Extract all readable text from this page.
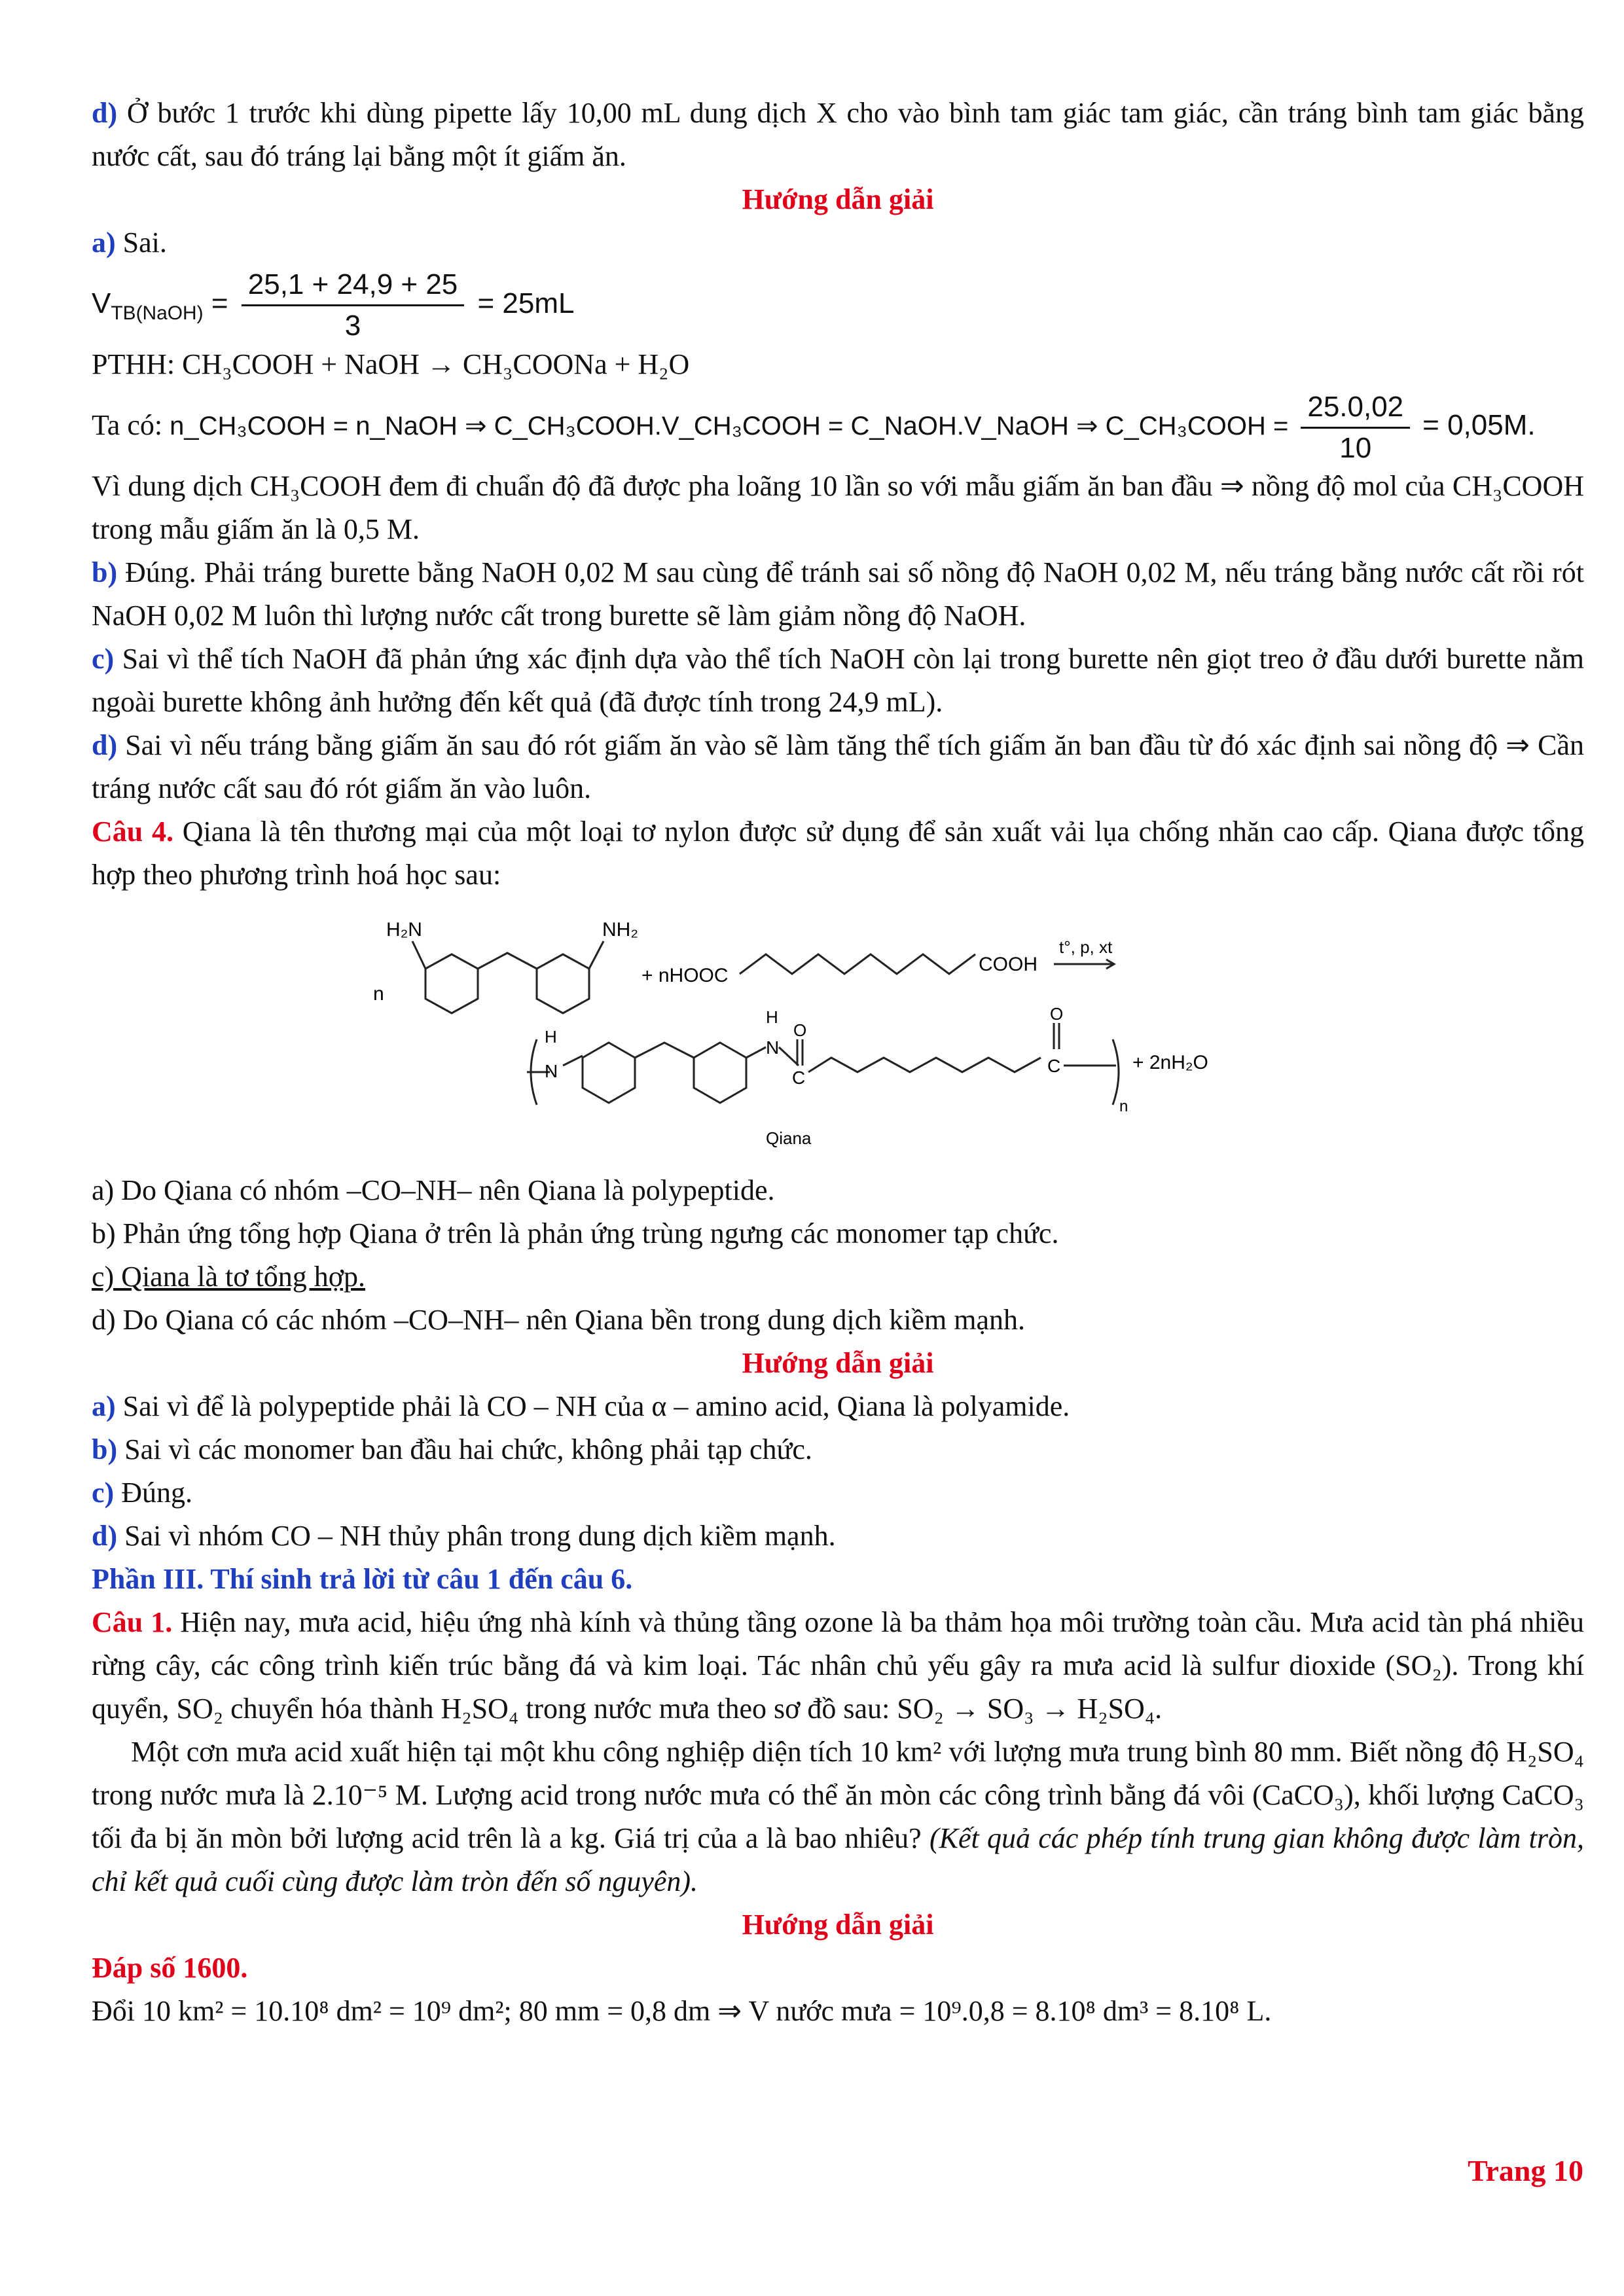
d) Ở bước 1 trước khi dùng pipette lấy 10,00 mL dung dịch X cho vào bình tam giác tam giác, cần tráng bình tam giác bằng nước cất, sau đó tráng lại bằng một ít giấm ăn.

Hướng dẫn giải

a) Sai.

$V_{TB(NaOH)} = \frac{25,1 + 24,9 + 25}{3} = 25mL$

PTHH: CH₃COOH + NaOH → CH₃COONa + H₂O

Ta có: n_CH₃COOH = n_NaOH ⇒ C_CH₃COOH.V_CH₃COOH = C_NaOH.V_NaOH ⇒ C_CH₃COOH = $\frac{25.0,02}{10} = 0,05M$.

Vì dung dịch CH₃COOH đem đi chuẩn độ đã được pha loãng 10 lần so với mẫu giấm ăn ban đầu ⇒ nồng độ mol của CH₃COOH trong mẫu giấm ăn là 0,5 M.

b) Đúng. Phải tráng burette bằng NaOH 0,02 M sau cùng để tránh sai số nồng độ NaOH 0,02 M, nếu tráng bằng nước cất rồi rót NaOH 0,02 M luôn thì lượng nước cất trong burette sẽ làm giảm nồng độ NaOH.

c) Sai vì thể tích NaOH đã phản ứng xác định dựa vào thể tích NaOH còn lại trong burette nên giọt treo ở đầu dưới burette nằm ngoài burette không ảnh hưởng đến kết quả (đã được tính trong 24,9 mL).

d) Sai vì nếu tráng bằng giấm ăn sau đó rót giấm ăn vào sẽ làm tăng thể tích giấm ăn ban đầu từ đó xác định sai nồng độ ⇒ Cần tráng nước cất sau đó rót giấm ăn vào luôn.

Câu 4. Qiana là tên thương mại của một loại tơ nylon được sử dụng để sản xuất vải lụa chống nhăn cao cấp. Qiana được tổng hợp theo phương trình hoá học sau:

n
H₂N	NH₂
+ nHOOC
COOH
t°, p, xt
H
N
H
N
C
O
C
O
n
+ 2nH₂O
Qiana

a) Do Qiana có nhóm –CO–NH– nên Qiana là polypeptide.

b) Phản ứng tổng hợp Qiana ở trên là phản ứng trùng ngưng các monomer tạp chức.

c) Qiana là tơ tổng hợp.

d) Do Qiana có các nhóm –CO–NH– nên Qiana bền trong dung dịch kiềm mạnh.

Hướng dẫn giải

a) Sai vì để là polypeptide phải là CO – NH của α – amino acid, Qiana là polyamide.

b) Sai vì các monomer ban đầu hai chức, không phải tạp chức.

c) Đúng.

d) Sai vì nhóm CO – NH thủy phân trong dung dịch kiềm mạnh.

Phần III. Thí sinh trả lời từ câu 1 đến câu 6.

Câu 1. Hiện nay, mưa acid, hiệu ứng nhà kính và thủng tầng ozone là ba thảm họa môi trường toàn cầu. Mưa acid tàn phá nhiều rừng cây, các công trình kiến trúc bằng đá và kim loại. Tác nhân chủ yếu gây ra mưa acid là sulfur dioxide (SO₂). Trong khí quyển, SO₂ chuyển hóa thành H₂SO₄ trong nước mưa theo sơ đồ sau: SO₂ → SO₃ → H₂SO₄.

Một cơn mưa acid xuất hiện tại một khu công nghiệp diện tích 10 km² với lượng mưa trung bình 80 mm. Biết nồng độ H₂SO₄ trong nước mưa là 2.10⁻⁵ M. Lượng acid trong nước mưa có thể ăn mòn các công trình bằng đá vôi (CaCO₃), khối lượng CaCO₃ tối đa bị ăn mòn bởi lượng acid trên là a kg. Giá trị của a là bao nhiêu? (Kết quả các phép tính trung gian không được làm tròn, chỉ kết quả cuối cùng được làm tròn đến số nguyên).

Hướng dẫn giải

Đáp số 1600.

Đổi 10 km² = 10.10⁸ dm² = 10⁹ dm²; 80 mm = 0,8 dm ⇒ V nước mưa = 10⁹.0,8 = 8.10⁸ dm³ = 8.10⁸ L.

Trang 10
